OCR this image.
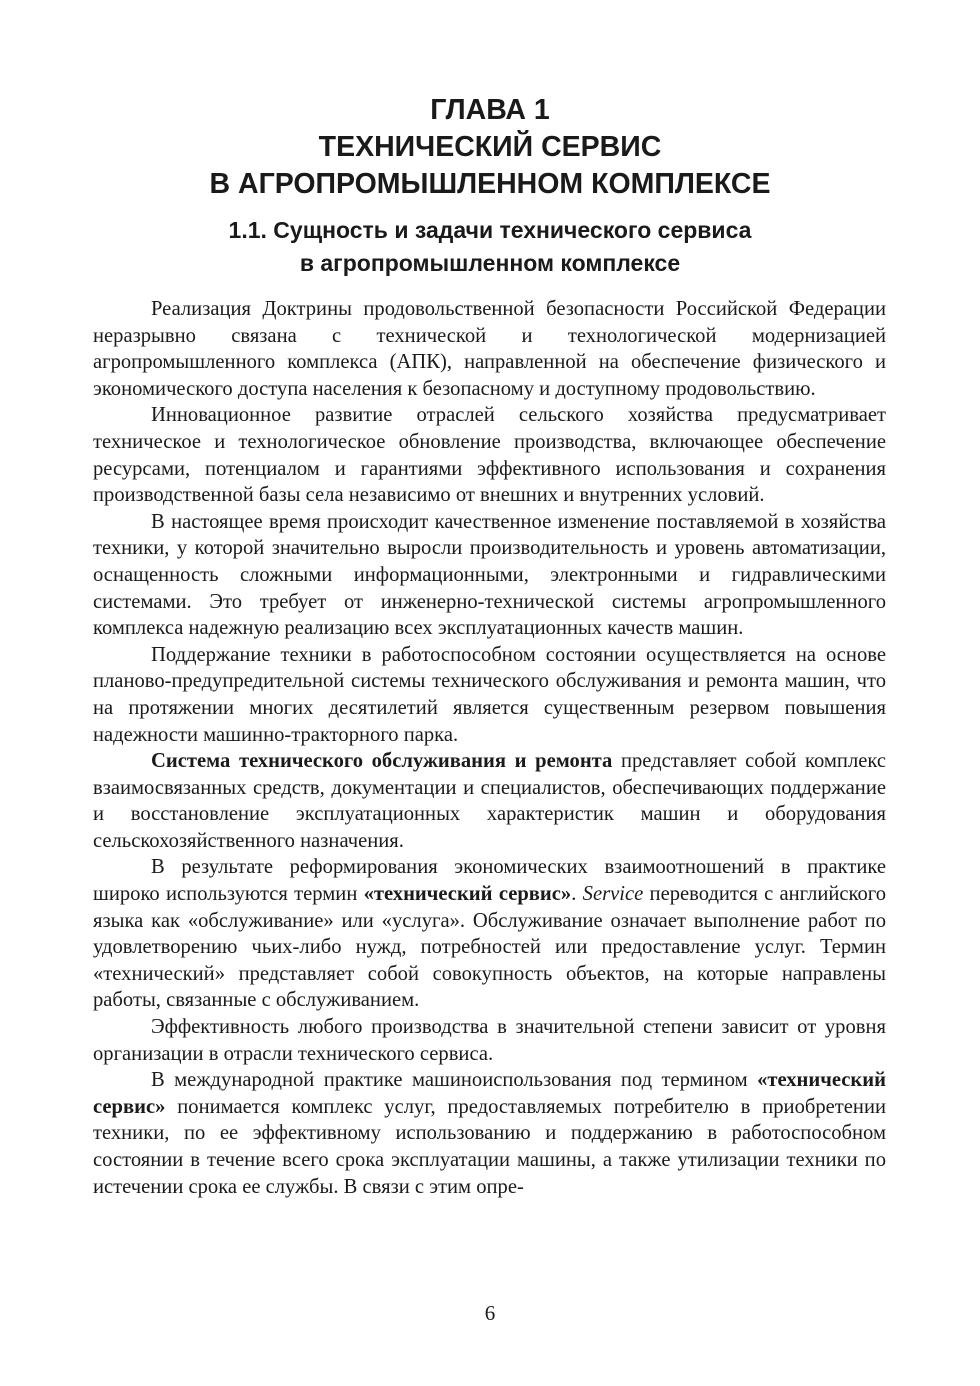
ГЛАВА 1
ТЕХНИЧЕСКИЙ СЕРВИС
В АГРОПРОМЫШЛЕННОМ КОМПЛЕКСЕ
1.1. Сущность и задачи технического сервиса
в агропромышленном комплексе

Реализация Доктрины продовольственной безопасности Российской Федерации неразрывно связана с технической и технологической модернизацией агропромышленного комплекса (АПК), направленной на обеспечение физического и экономического доступа населения к безопасному и доступному продовольствию.

Инновационное развитие отраслей сельского хозяйства предусматривает техническое и технологическое обновление производства, включающее обеспечение ресурсами, потенциалом и гарантиями эффективного использования и сохранения производственной базы села независимо от внешних и внутренних условий.

В настоящее время происходит качественное изменение поставляемой в хозяйства техники, у которой значительно выросли производительность и уровень автоматизации, оснащенность сложными информационными, электронными и гидравлическими системами. Это требует от инженерно-технической системы агропромышленного комплекса надежную реализацию всех эксплуатационных качеств машин.

Поддержание техники в работоспособном состоянии осуществляется на основе планово-предупредительной системы технического обслуживания и ремонта машин, что на протяжении многих десятилетий является существенным резервом повышения надежности машинно-тракторного парка.

Система технического обслуживания и ремонта представляет собой комплекс взаимосвязанных средств, документации и специалистов, обеспечивающих поддержание и восстановление эксплуатационных характеристик машин и оборудования сельскохозяйственного назначения.

В результате реформирования экономических взаимоотношений в практике широко используются термин «технический сервис». Service переводится с английского языка как «обслуживание» или «услуга». Обслуживание означает выполнение работ по удовлетворению чьих-либо нужд, потребностей или предоставление услуг. Термин «технический» представляет собой совокупность объектов, на которые направлены работы, связанные с обслуживанием.

Эффективность любого производства в значительной степени зависит от уровня организации в отрасли технического сервиса.

В международной практике машиноиспользования под термином «технический сервис» понимается комплекс услуг, предоставляемых потребителю в приобретении техники, по ее эффективному использованию и поддержанию в работоспособном состоянии в течение всего срока эксплуатации машины, а также утилизации техники по истечении срока ее службы. В связи с этим опре-

6
